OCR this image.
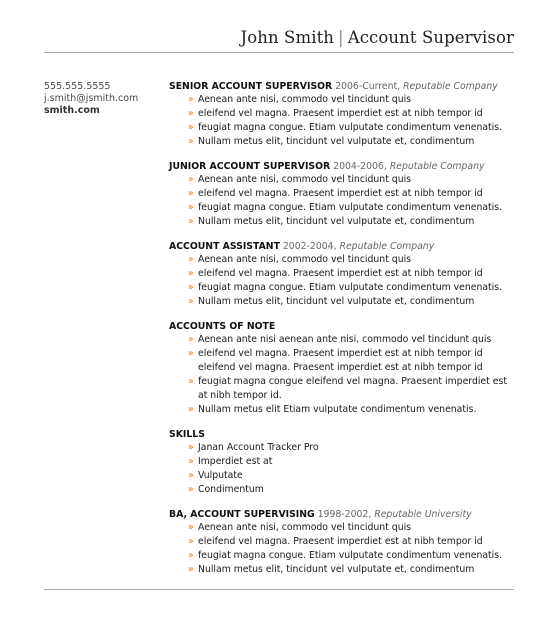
John Smith | Account Supervisor
555.555.5555
j.smith@jsmith.com
smith.com
SENIOR ACCOUNT SUPERVISOR 2006-Current, Reputable Company
» Aenean ante nisi, commodo vel tincidunt quis
» eleifend vel magna. Praesent imperdiet est at nibh tempor id
» feugiat magna congue. Etiam vulputate condimentum venenatis.
» Nullam metus elit, tincidunt vel vulputate et, condimentum
JUNIOR ACCOUNT SUPERVISOR 2004-2006, Reputable Company
» Aenean ante nisi, commodo vel tincidunt quis
» eleifend vel magna. Praesent imperdiet est at nibh tempor id
» feugiat magna congue. Etiam vulputate condimentum venenatis.
» Nullam metus elit, tincidunt vel vulputate et, condimentum
ACCOUNT ASSISTANT 2002-2004, Reputable Company
» Aenean ante nisi, commodo vel tincidunt quis
» eleifend vel magna. Praesent imperdiet est at nibh tempor id
» feugiat magna congue. Etiam vulputate condimentum venenatis.
» Nullam metus elit, tincidunt vel vulputate et, condimentum
ACCOUNTS OF NOTE
» Aenean ante nisi aenean ante nisi, commodo vel tincidunt quis
» eleifend vel magna. Praesent imperdiet est at nibh tempor id eleifend vel magna. Praesent imperdiet est at nibh tempor id
» feugiat magna congue eleifend vel magna. Praesent imperdiet est at nibh tempor id.
» Nullam metus elit Etiam vulputate condimentum venenatis.
SKILLS
» Janan Account Tracker Pro
» Imperdiet est at
» Vulputate
» Condimentum
BA, ACCOUNT SUPERVISING 1998-2002, Reputable University
» Aenean ante nisi, commodo vel tincidunt quis
» eleifend vel magna. Praesent imperdiet est at nibh tempor id
» feugiat magna congue. Etiam vulputate condimentum venenatis.
» Nullam metus elit, tincidunt vel vulputate et, condimentum
